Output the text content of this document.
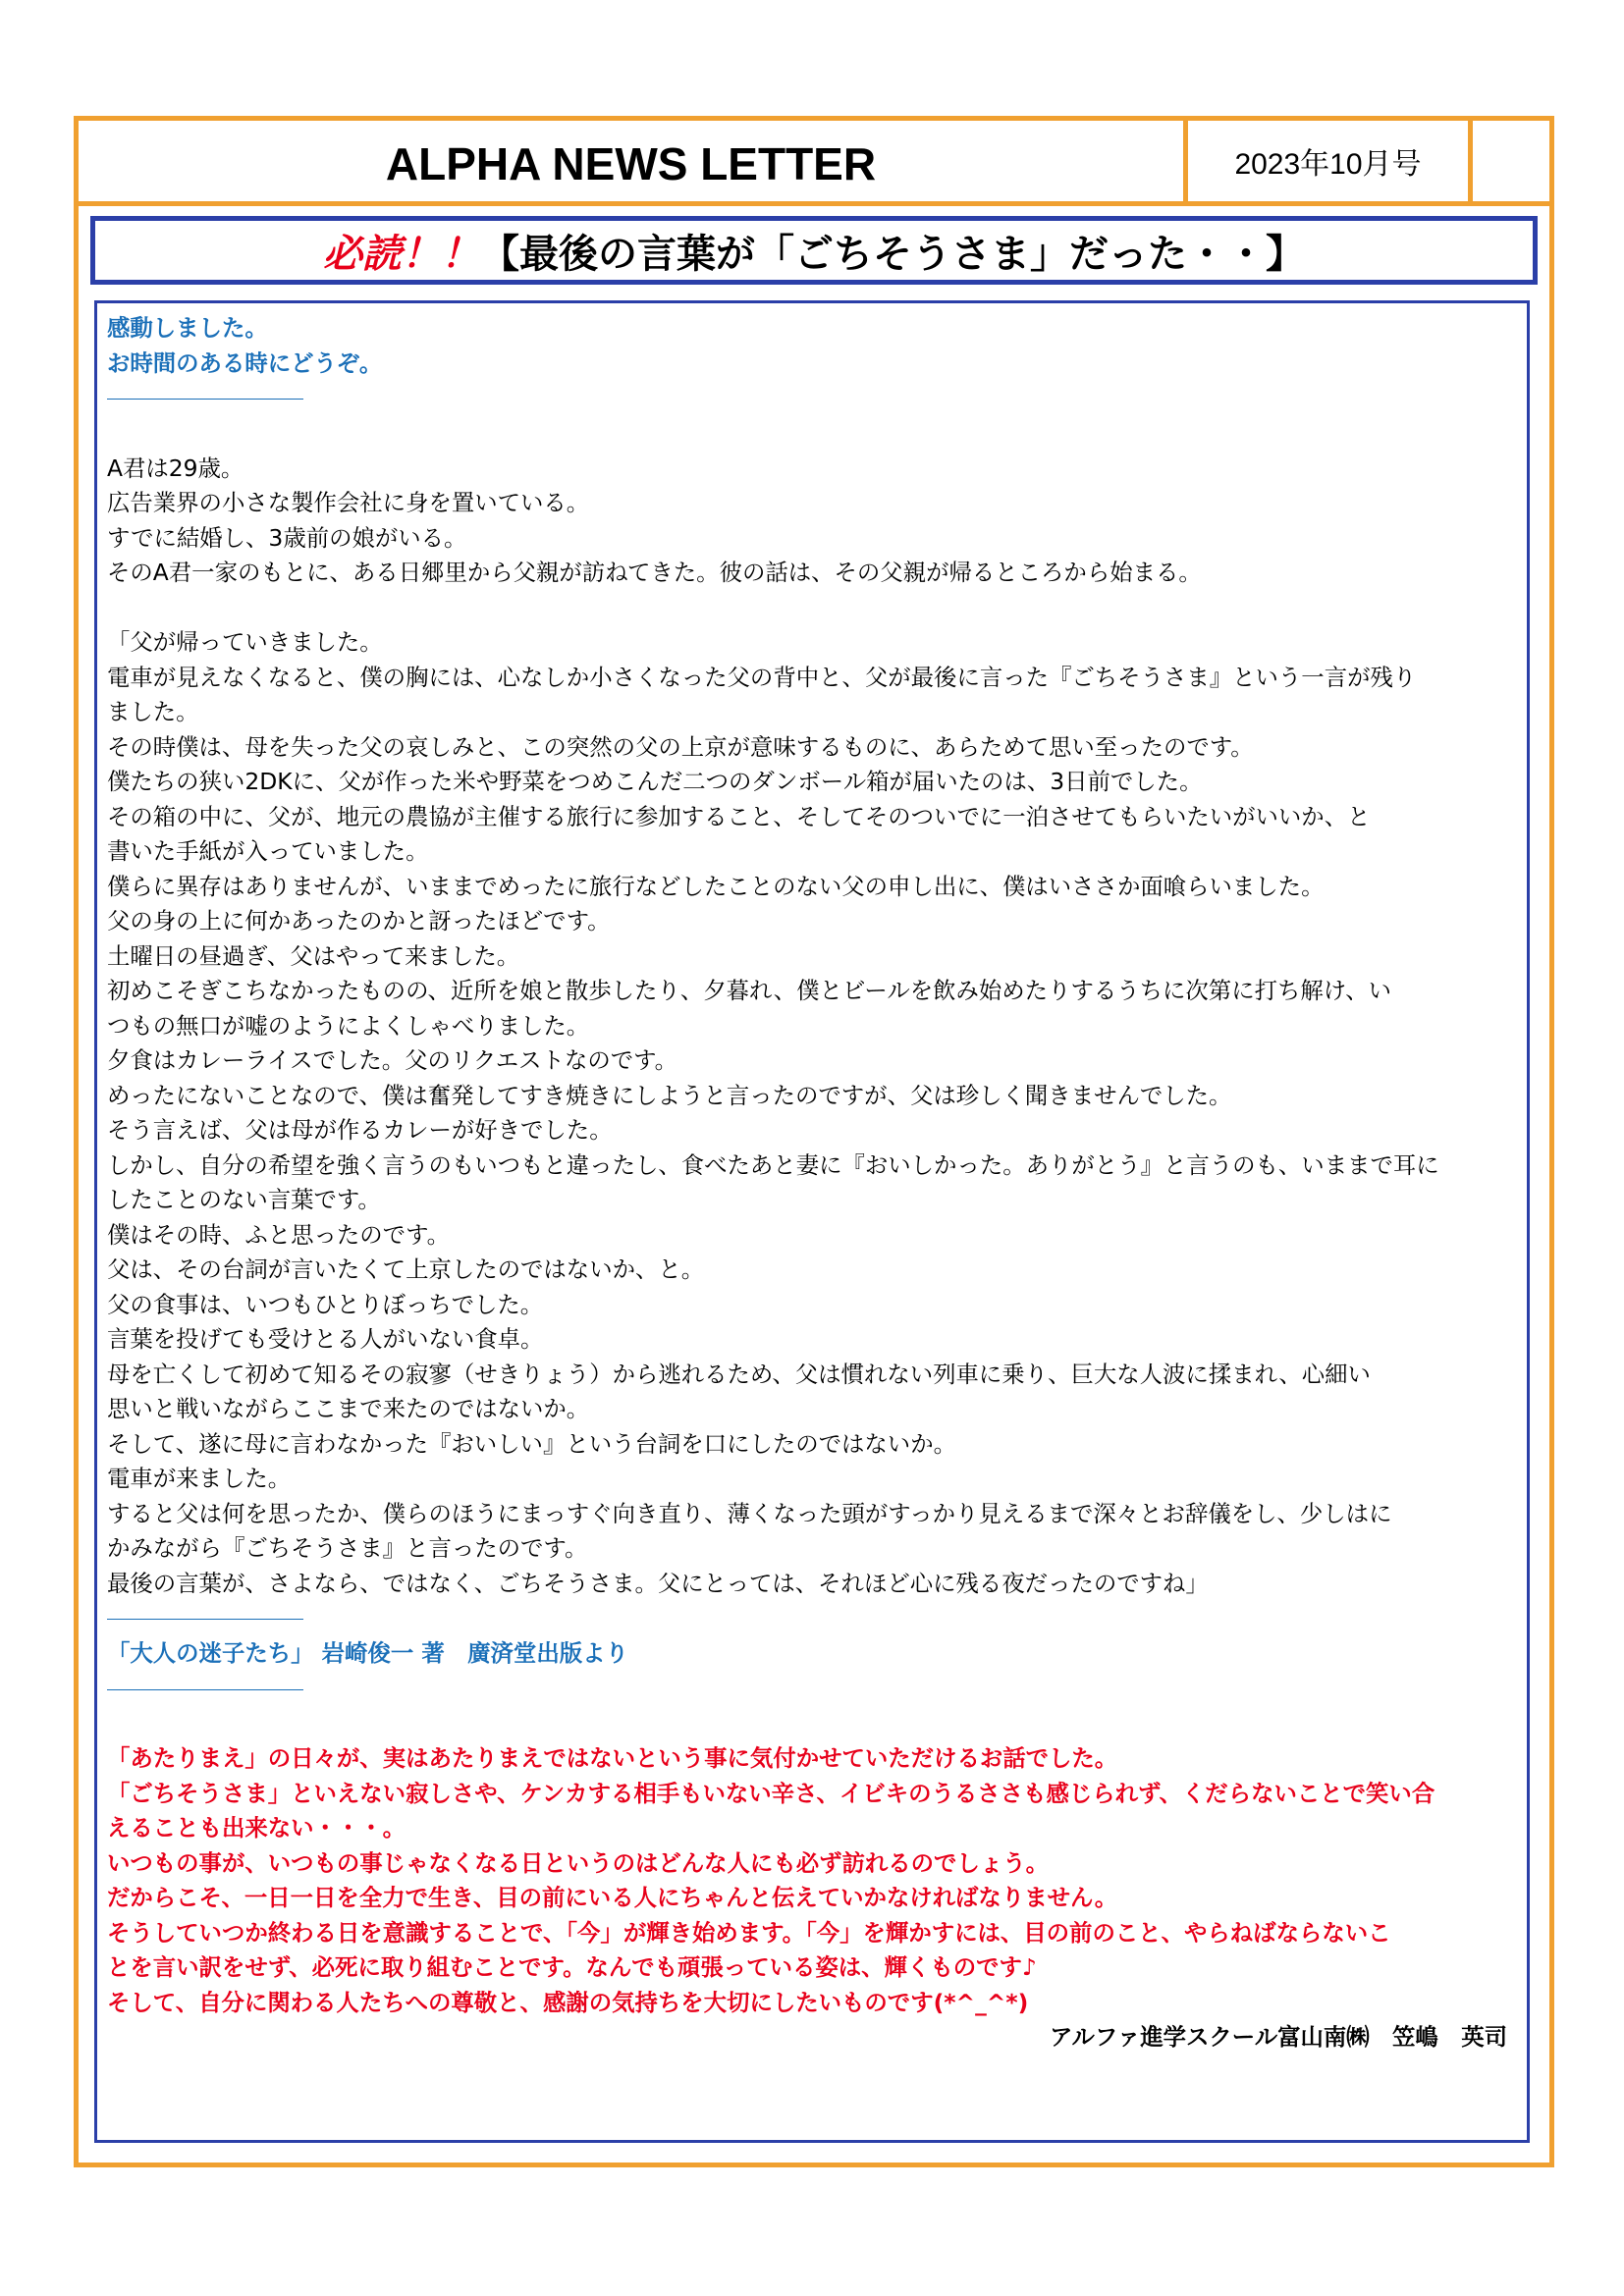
ALPHA NEWS LETTER	2023年10月号
必読！！ 【最後の言葉が「ごちそうさま」だった・・】
感動しました。
お時間のある時にどうぞ。
A君は29歳。
広告業界の小さな製作会社に身を置いている。
すでに結婚し、3歳前の娘がいる。
そのA君一家のもとに、ある日郷里から父親が訪ねてきた。彼の話は、その父親が帰るところから始まる。
「父が帰っていきました。
電車が見えなくなると、僕の胸には、心なしか小さくなった父の背中と、父が最後に言った『ごちそうさま』という一言が残り
ました。
その時僕は、母を失った父の哀しみと、この突然の父の上京が意味するものに、あらためて思い至ったのです。
僕たちの狭い2DKに、父が作った米や野菜をつめこんだ二つのダンボール箱が届いたのは、3日前でした。
その箱の中に、父が、地元の農協が主催する旅行に参加すること、そしてそのついでに一泊させてもらいたいがいいか、と
書いた手紙が入っていました。
僕らに異存はありませんが、いままでめったに旅行などしたことのない父の申し出に、僕はいささか面喰らいました。
父の身の上に何かあったのかと訝ったほどです。
土曜日の昼過ぎ、父はやって来ました。
初めこそぎこちなかったものの、近所を娘と散歩したり、夕暮れ、僕とビールを飲み始めたりするうちに次第に打ち解け、い
つもの無口が嘘のようによくしゃべりました。
夕食はカレーライスでした。父のリクエストなのです。
めったにないことなので、僕は奮発してすき焼きにしようと言ったのですが、父は珍しく聞きませんでした。
そう言えば、父は母が作るカレーが好きでした。
しかし、自分の希望を強く言うのもいつもと違ったし、食べたあと妻に『おいしかった。ありがとう』と言うのも、いままで耳に
したことのない言葉です。
僕はその時、ふと思ったのです。
父は、その台詞が言いたくて上京したのではないか、と。
父の食事は、いつもひとりぼっちでした。
言葉を投げても受けとる人がいない食卓。
母を亡くして初めて知るその寂寥（せきりょう）から逃れるため、父は慣れない列車に乗り、巨大な人波に揉まれ、心細い
思いと戦いながらここまで来たのではないか。
そして、遂に母に言わなかった『おいしい』という台詞を口にしたのではないか。
電車が来ました。
すると父は何を思ったか、僕らのほうにまっすぐ向き直り、薄くなった頭がすっかり見えるまで深々とお辞儀をし、少しはに
かみながら『ごちそうさま』と言ったのです。
最後の言葉が、さよなら、ではなく、ごちそうさま。父にとっては、それほど心に残る夜だったのですね」
「大人の迷子たち」 岩崎俊一 著　廣済堂出版より
「あたりまえ」の日々が、実はあたりまえではないという事に気付かせていただけるお話でした。
「ごちそうさま」といえない寂しさや、ケンカする相手もいない辛さ、イビキのうるささも感じられず、くだらないことで笑い合
えることも出来ない・・・。
いつもの事が、いつもの事じゃなくなる日というのはどんな人にも必ず訪れるのでしょう。
だからこそ、一日一日を全力で生き、目の前にいる人にちゃんと伝えていかなければなりません。
そうしていつか終わる日を意識することで、「今」が輝き始めます。「今」を輝かすには、目の前のこと、やらねばならないこ
とを言い訳をせず、必死に取り組むことです。なんでも頑張っている姿は、輝くものです♪
そして、自分に関わる人たちへの尊敬と、感謝の気持ちを大切にしたいものです(*^_^*)
アルファ進学スクール富山南㈱　笠嶋　英司
